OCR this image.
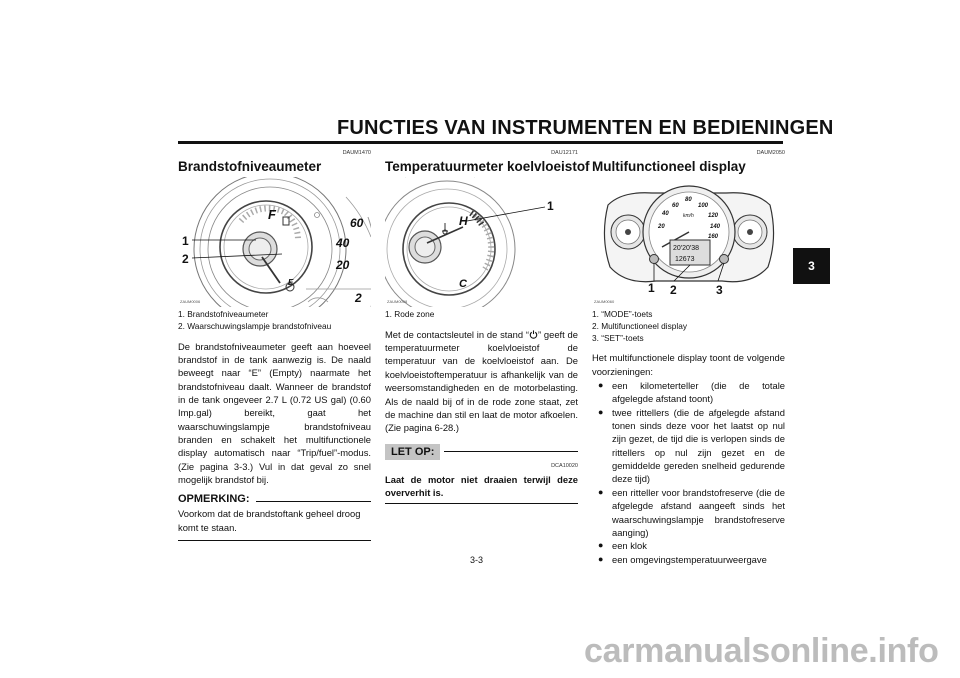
FUNCTIES VAN INSTRUMENTEN EN BEDIENINGEN
3
DAUM1470
Brandstofniveaumeter
F
E
60
40
20
2
1
2
ZAUM0006
1. Brandstofniveaumeter
2. Waarschuwingslampje brandstofniveau
De brandstofniveaumeter geeft aan hoeveel brandstof in de tank aanwezig is. De naald beweegt naar “E” (Empty) naarmate het brandstofniveau daalt. Wanneer de brandstof in de tank ongeveer 2.7 L (0.72 US gal) (0.60 Imp.gal) bereikt, gaat het waarschuwingslampje brandstofniveau branden en schakelt het multifunctionele display automatisch naar “Trip/fuel”-modus. (Zie pagina 3-3.) Vul in dat geval zo snel mogelijk brandstof bij.
OPMERKING:
Voorkom dat de brandstoftank geheel droog komt te staan.
DAU12171
Temperatuurmeter koelvloeistof
H
C
1
ZAUM0008
1. Rode zone
Met de contactsleutel in de stand “ ” geeft de temperatuurmeter koelvloeistof de temperatuur van de koelvloeistof aan. De koelvloeistoftemperatuur is afhankelijk van de weersomstandigheden en de motorbelasting. Als de naald bij of in de rode zone staat, zet de machine dan stil en laat de motor afkoelen. (Zie pagina 6-28.)
LET OP:
DCA10020
Laat de motor niet draaien terwijl deze oververhit is.
DAUM2050
Multifunctioneel display
60
80
100
40	km/h 120
20	140
160
20′20′38
12673
1 2	3
ZAUM0060
1. “MODE”-toets
2. Multifunctioneel display
3. “SET”-toets
Het multifunctionele display toont de volgende voorzieningen:
● een kilometerteller (die de totale afgelegde afstand toont)
● twee rittellers (die de afgelegde afstand tonen sinds deze voor het laatst op nul zijn gezet, de tijd die is verlopen sinds de rittellers op nul zijn gezet en de gemiddelde gereden snelheid gedurende deze tijd)
● een ritteller voor brandstofreserve (die de afgelegde afstand aangeeft sinds het waarschuwingslampje brandstofreserve aanging)
● een klok
● een omgevingstemperatuurweergave
3-3
carmanualsonline.info
